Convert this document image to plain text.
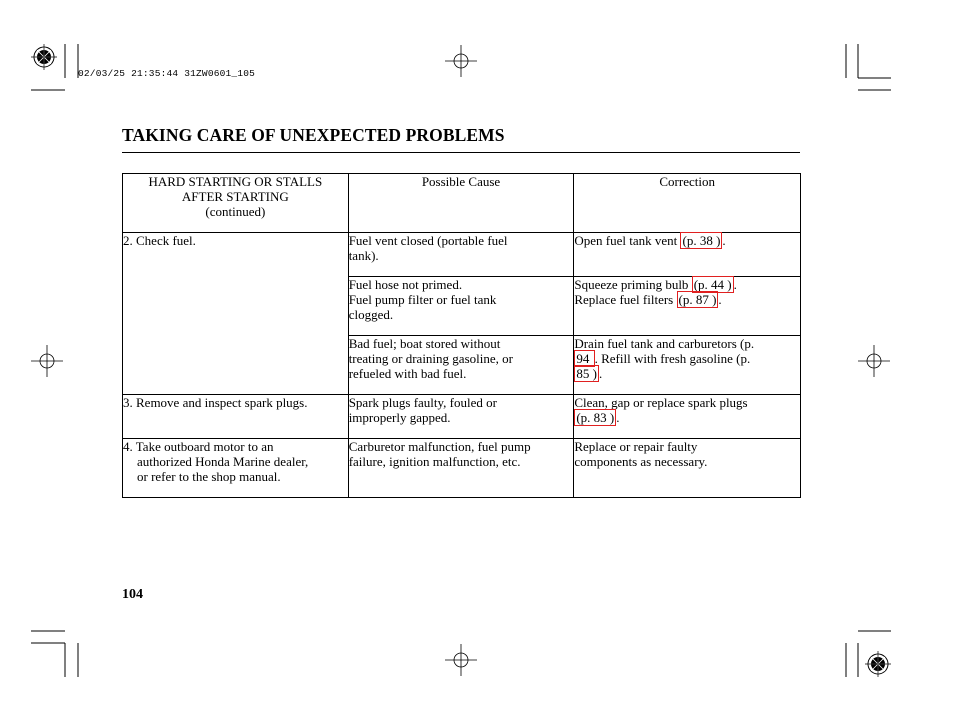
02/03/25 21:35:44 31ZW0601_105
TAKING CARE OF UNEXPECTED PROBLEMS
HARD STARTING OR STALLS
AFTER STARTING
(continued)	Possible Cause	Correction
2. Check fuel.	Fuel vent closed (portable fuel
tank).	Open fuel tank vent (p. 38 ) .

	Fuel hose not primed.
Fuel pump filter or fuel tank
clogged.	Squeeze priming bulb (p. 44 ) .
Replace fuel filters (p. 87 ) .

	Bad fuel; boat stored without
treating or draining gasoline, or
refueled with bad fuel.	Drain fuel tank and carburetors (p.
94 . Refill with fresh gasoline (p.
85 ) .

3. Remove and inspect spark plugs.	Spark plugs faulty, fouled or
improperly gapped.	Clean, gap or replace spark plugs
(p. 83 ) .

4. Take outboard motor to an
authorized Honda Marine dealer,
or refer to the shop manual.	Carburetor malfunction, fuel pump
failure, ignition malfunction, etc.	Replace or repair faulty
components as necessary.
104
